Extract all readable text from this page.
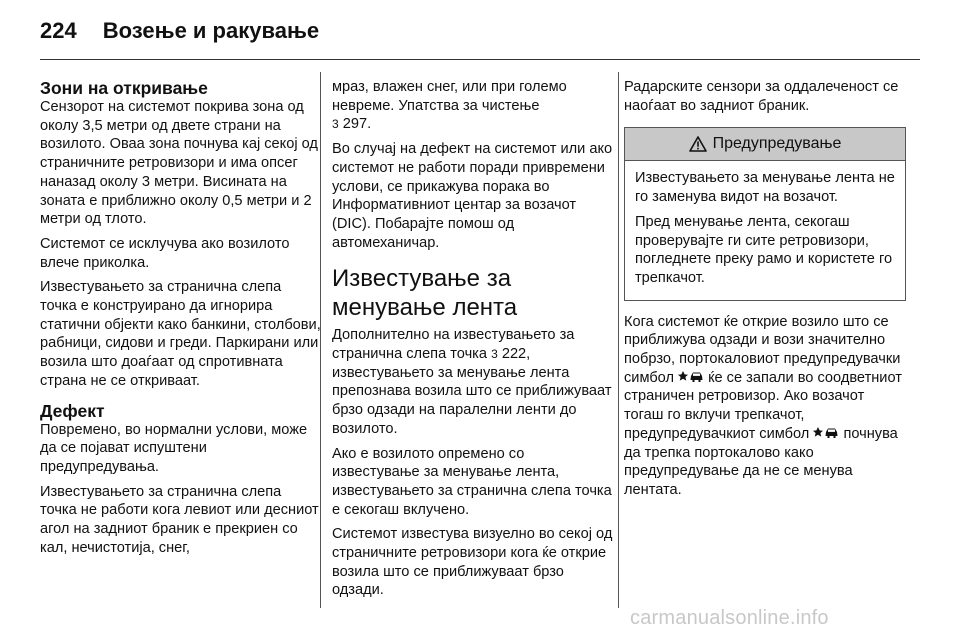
224 Возење и ракување
Зони на откривање

Сензорот на системот покрива зона од околу 3,5 метри од двете страни на возилото. Оваа зона почнува кај секој од страничните ретровизори и има опсег наназад околу 3 метри. Висината на зоната е приближно околу 0,5 метри и 2 метри од тлото.

Системот се исклучува ако возилото влече приколка.

Известувањето за странична слепа точка е конструирано да игнорира статични објекти како банкини, столбови, рабници, сидови и греди. Паркирани или возила што доаѓаат од спротивната страна не се откриваат.

Дефект

Повремено, во нормални услови, може да се појават испуштени предупредувања.

Известувањето за странична слепа точка не работи кога левиот или десниот агол на задниот браник е прекриен со кал, нечистотија, снег,

мраз, влажен снег, или при големо невреме. Упатства за чистење
3 297.

Во случај на дефект на системот или ако системот не работи поради привремени услови, се прикажува порака во Информативниот центар за возачот (DIC). Побарајте помош од автомеханичар.

Известување за менување лента

Дополнително на известувањето за странична слепа точка 3 222, известувањето за менување лента препознава возила што се приближуваат брзо одзади на паралелни ленти до возилото.

Ако е возилото опремено со известување за менување лента, известувањето за странична слепа точка е секогаш вклучено.

Системот известува визуелно во секој од страничните ретровизори кога ќе открие возила што се приближуваат брзо одзади.

Радарските сензори за оддалеченост се наоѓаат во задниот браник.

Предупредување

Известувањето за менување лента не го заменува видот на возачот.

Пред менување лента, секогаш проверувајте ги сите ретровизори, погледнете преку рамо и користете го трепкачот.

Кога системот ќе открие возило што се приближува одзади и вози значително побрзо, портокаловиот предупредувачки симбол ќе се запали во соодветниот страничен ретровизор. Ако возачот тогаш го вклучи трепкачот, предупредувачкиот симбол почнува да трепка портокалово како предупредување да не се менува лентата.

carmanualsonline.info
